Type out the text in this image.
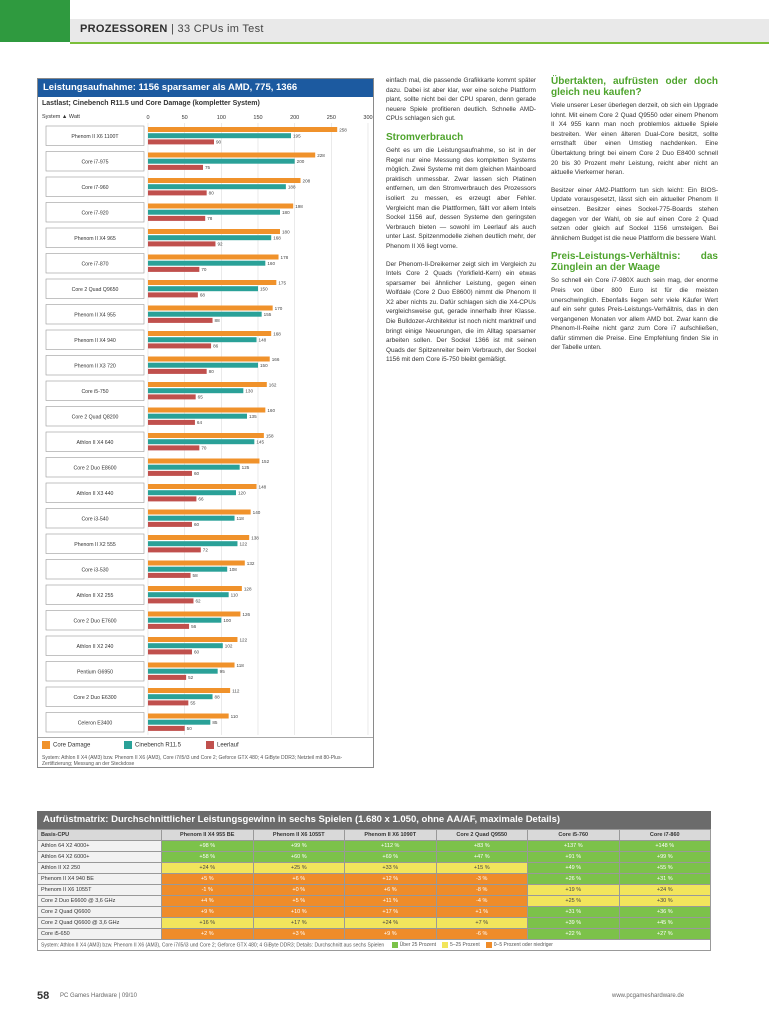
PROZESSOREN | 33 CPUs im Test
Leistungsaufnahme: 1156 sparsamer als AMD, 775, 1366
Lastlast; Cinebench R11.5 und Core Damage (kompletter System)
System ▲ Watt	0	50	100	150	200	250	300
Phenom II X6 1100T
258
195
90
Core i7-975
228
200
75
Core i7-960
208
188
80
Core i7-920
198
180
78
Phenom II X4 965
180
168
92
Core i7-870
178
160
70
Core 2 Quad Q9650
175
150
68
Phenom II X4 955
170
155
88
Phenom II X4 940
168
148
86
Phenom II X3 720
166
150
80
Core i5-750
162
130
65
Core 2 Quad Q8200
160
135
64
Athlon II X4 640
158
145
70
Core 2 Duo E8600
152
125
60
Athlon II X3 440
148
120
66
Core i3-540
140
118
60
Phenom II X2 555
138
122
72
Core i3-530
132
108
58
Athlon II X2 255
128
110
62
Core 2 Duo E7600
126
100
56
Athlon II X2 240
122
102
60
Pentium G6950
118
95
52
Core 2 Duo E6300
112
88
55
Celeron E3400
110
85
50
Core Damage	Cinebench R11.5	Leerlauf
System: Athlon II X4 (AM3) bzw. Phenom II X6 (AM3), Core i7/i5/i3 und Core 2; Geforce GTX 480; 4 GiByte DDR3; Netzteil mit 80-Plus-Zertifizierung; Messung an der Steckdose

einfach mal, die passende Grafikkarte kommt später dazu. Dabei ist aber klar, wer eine solche Plattform plant, sollte nicht bei der CPU sparen, denn gerade neuere Spiele profitieren deutlich. Schnelle AMD-CPUs schlagen sich gut.

Stromverbrauch

Geht es um die Leistungsaufnahme, so ist in der Regel nur eine Messung des kompletten Systems möglich. Zwei Systeme mit dem gleichen Mainboard praktisch unmessbar. Zwar lassen sich Platinen entfernen, um den Stromverbrauch des Prozessors isoliert zu messen, es erzeugt aber Fehler. Vergleicht man die Plattformen, fällt vor allem Intels Sockel 1156 auf, dessen Systeme den geringsten Verbrauch bieten — sowohl im Leerlauf als auch unter Last. Spitzenmodelle ziehen deutlich mehr, der Phenom II X6 liegt vorne.

Der Phenom-II-Dreikerner zeigt sich im Vergleich zu Intels Core 2 Quads (Yorkfield-Kern) ein etwas sparsamer bei ähnlicher Leistung, gegen einen Wolfdale (Core 2 Duo E8600) nimmt die Phenom II X2 aber nichts zu. Dafür schlagen sich die X4-CPUs vergleichsweise gut, gerade innerhalb ihrer Klasse. Die Bulldozer-Architektur ist noch nicht marktreif und bringt einige Neuerungen, die im Alltag sparsamer arbeiten sollen. Der Sockel 1366 ist mit seinen Quads der Spitzenreiter beim Verbrauch, der Sockel 1156 mit dem Core i5-750 bleibt gemäßigt.

Übertakten, aufrüsten oder doch gleich neu kaufen?

Viele unserer Leser überlegen derzeit, ob sich ein Upgrade lohnt. Mit einem Core 2 Quad Q9550 oder einem Phenom II X4 955 kann man noch problemlos aktuelle Spiele bestreiten. Wer einen älteren Dual-Core besitzt, sollte ernsthaft über einen Umstieg nachdenken. Eine Übertaktung bringt bei einem Core 2 Duo E8400 schnell 20 bis 30 Prozent mehr Leistung, reicht aber nicht an aktuelle Vierkerner heran.

Besitzer einer AM2-Plattform tun sich leicht: Ein BIOS-Update vorausgesetzt, lässt sich ein aktueller Phenom II einsetzen. Besitzer eines Sockel-775-Boards stehen dagegen vor der Wahl, ob sie auf einen Core 2 Quad setzen oder gleich auf Sockel 1156 umsteigen. Bei ähnlichem Budget ist die neue Plattform die bessere Wahl.

Preis-Leistungs-Verhältnis: das Zünglein an der Waage

So schnell ein Core i7-980X auch sein mag, der enorme Preis von über 800 Euro ist für die meisten unerschwinglich. Ebenfalls liegen sehr viele Käufer Wert auf ein sehr gutes Preis-Leistungs-Verhältnis, das in den vergangenen Monaten vor allem AMD bot. Zwar kann die Phenom-II-Reihe nicht ganz zum Core i7 aufschließen, dafür stimmen die Preise. Eine Empfehlung finden Sie in der Tabelle unten.

Aufrüstmatrix: Durchschnittlicher Leistungsgewinn in sechs Spielen (1.680 x 1.050, ohne AA/AF, maximale Details)
Basis-CPU	Phenom II X4 955 BE	Phenom II X6 1055T	Phenom II X6 1090T	Core 2 Quad Q9550	Core i5-760	Core i7-860
Athlon 64 X2 4000+	+98 %	+99 %	+112 %	+83 %	+137 %	+148 %
Athlon 64 X2 6000+	+58 %	+60 %	+69 %	+47 %	+91 %	+99 %
Athlon II X2 250	+24 %	+25 %	+33 %	+15 %	+49 %	+55 %
Phenom II X4 940 BE	+5 %	+6 %	+12 %	-3 %	+26 %	+31 %
Phenom II X6 1055T	-1 %	+0 %	+6 %	-8 %	+19 %	+24 %
Core 2 Duo E6600 @ 3,6 GHz	+4 %	+5 %	+11 %	-4 %	+25 %	+30 %
Core 2 Quad Q6600	+9 %	+10 %	+17 %	+1 %	+31 %	+36 %
Core 2 Quad Q6600 @ 3,6 GHz	+16 %	+17 %	+24 %	+7 %	+39 %	+45 %
Core i5-650	+2 %	+3 %	+9 %	-6 %	+22 %	+27 %
System: Athlon II X4 (AM3) bzw. Phenom II X6 (AM3), Core i7/i5/i3 und Core 2; Geforce GTX 480; 4 GiByte DDR3; Details: Durchschnitt aus sechs Spielen	Über 25 Prozent	5–25 Prozent	0–5 Prozent oder niedriger
58 PC Games Hardware | 09/10	www.pcgameshardware.de
